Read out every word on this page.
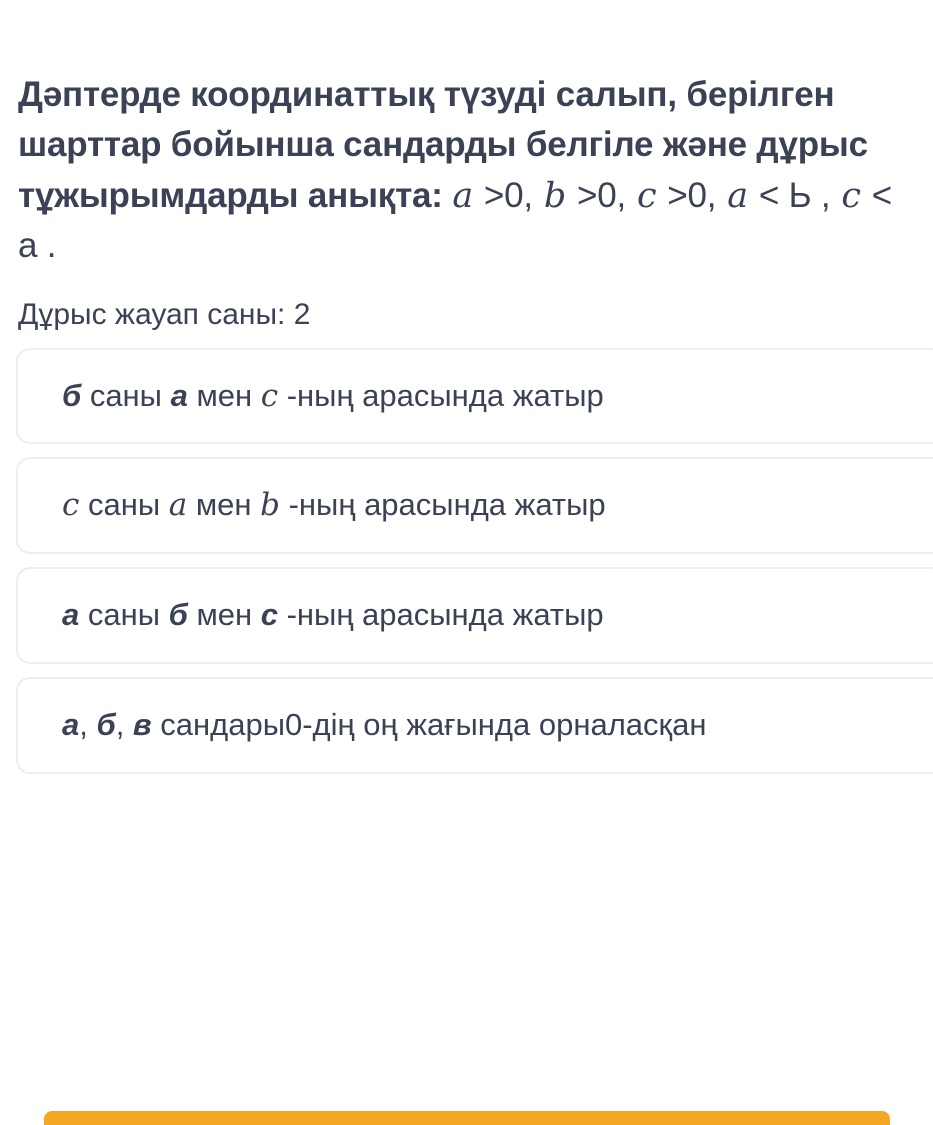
Дәптерде координаттық түзуді салып, берілген шарттар бойынша сандарды белгіле және дұрыс тұжырымдарды анықта: a >0, b >0, c >0, a < Ь , c < a .
Дұрыс жауап саны: 2
б саны a мен c -ның арасында жатыр
c саны a мен b -ның арасында жатыр
a саны б мен c -ның арасында жатыр
a, б, в сандары0-дің оң жағында орналасқан
